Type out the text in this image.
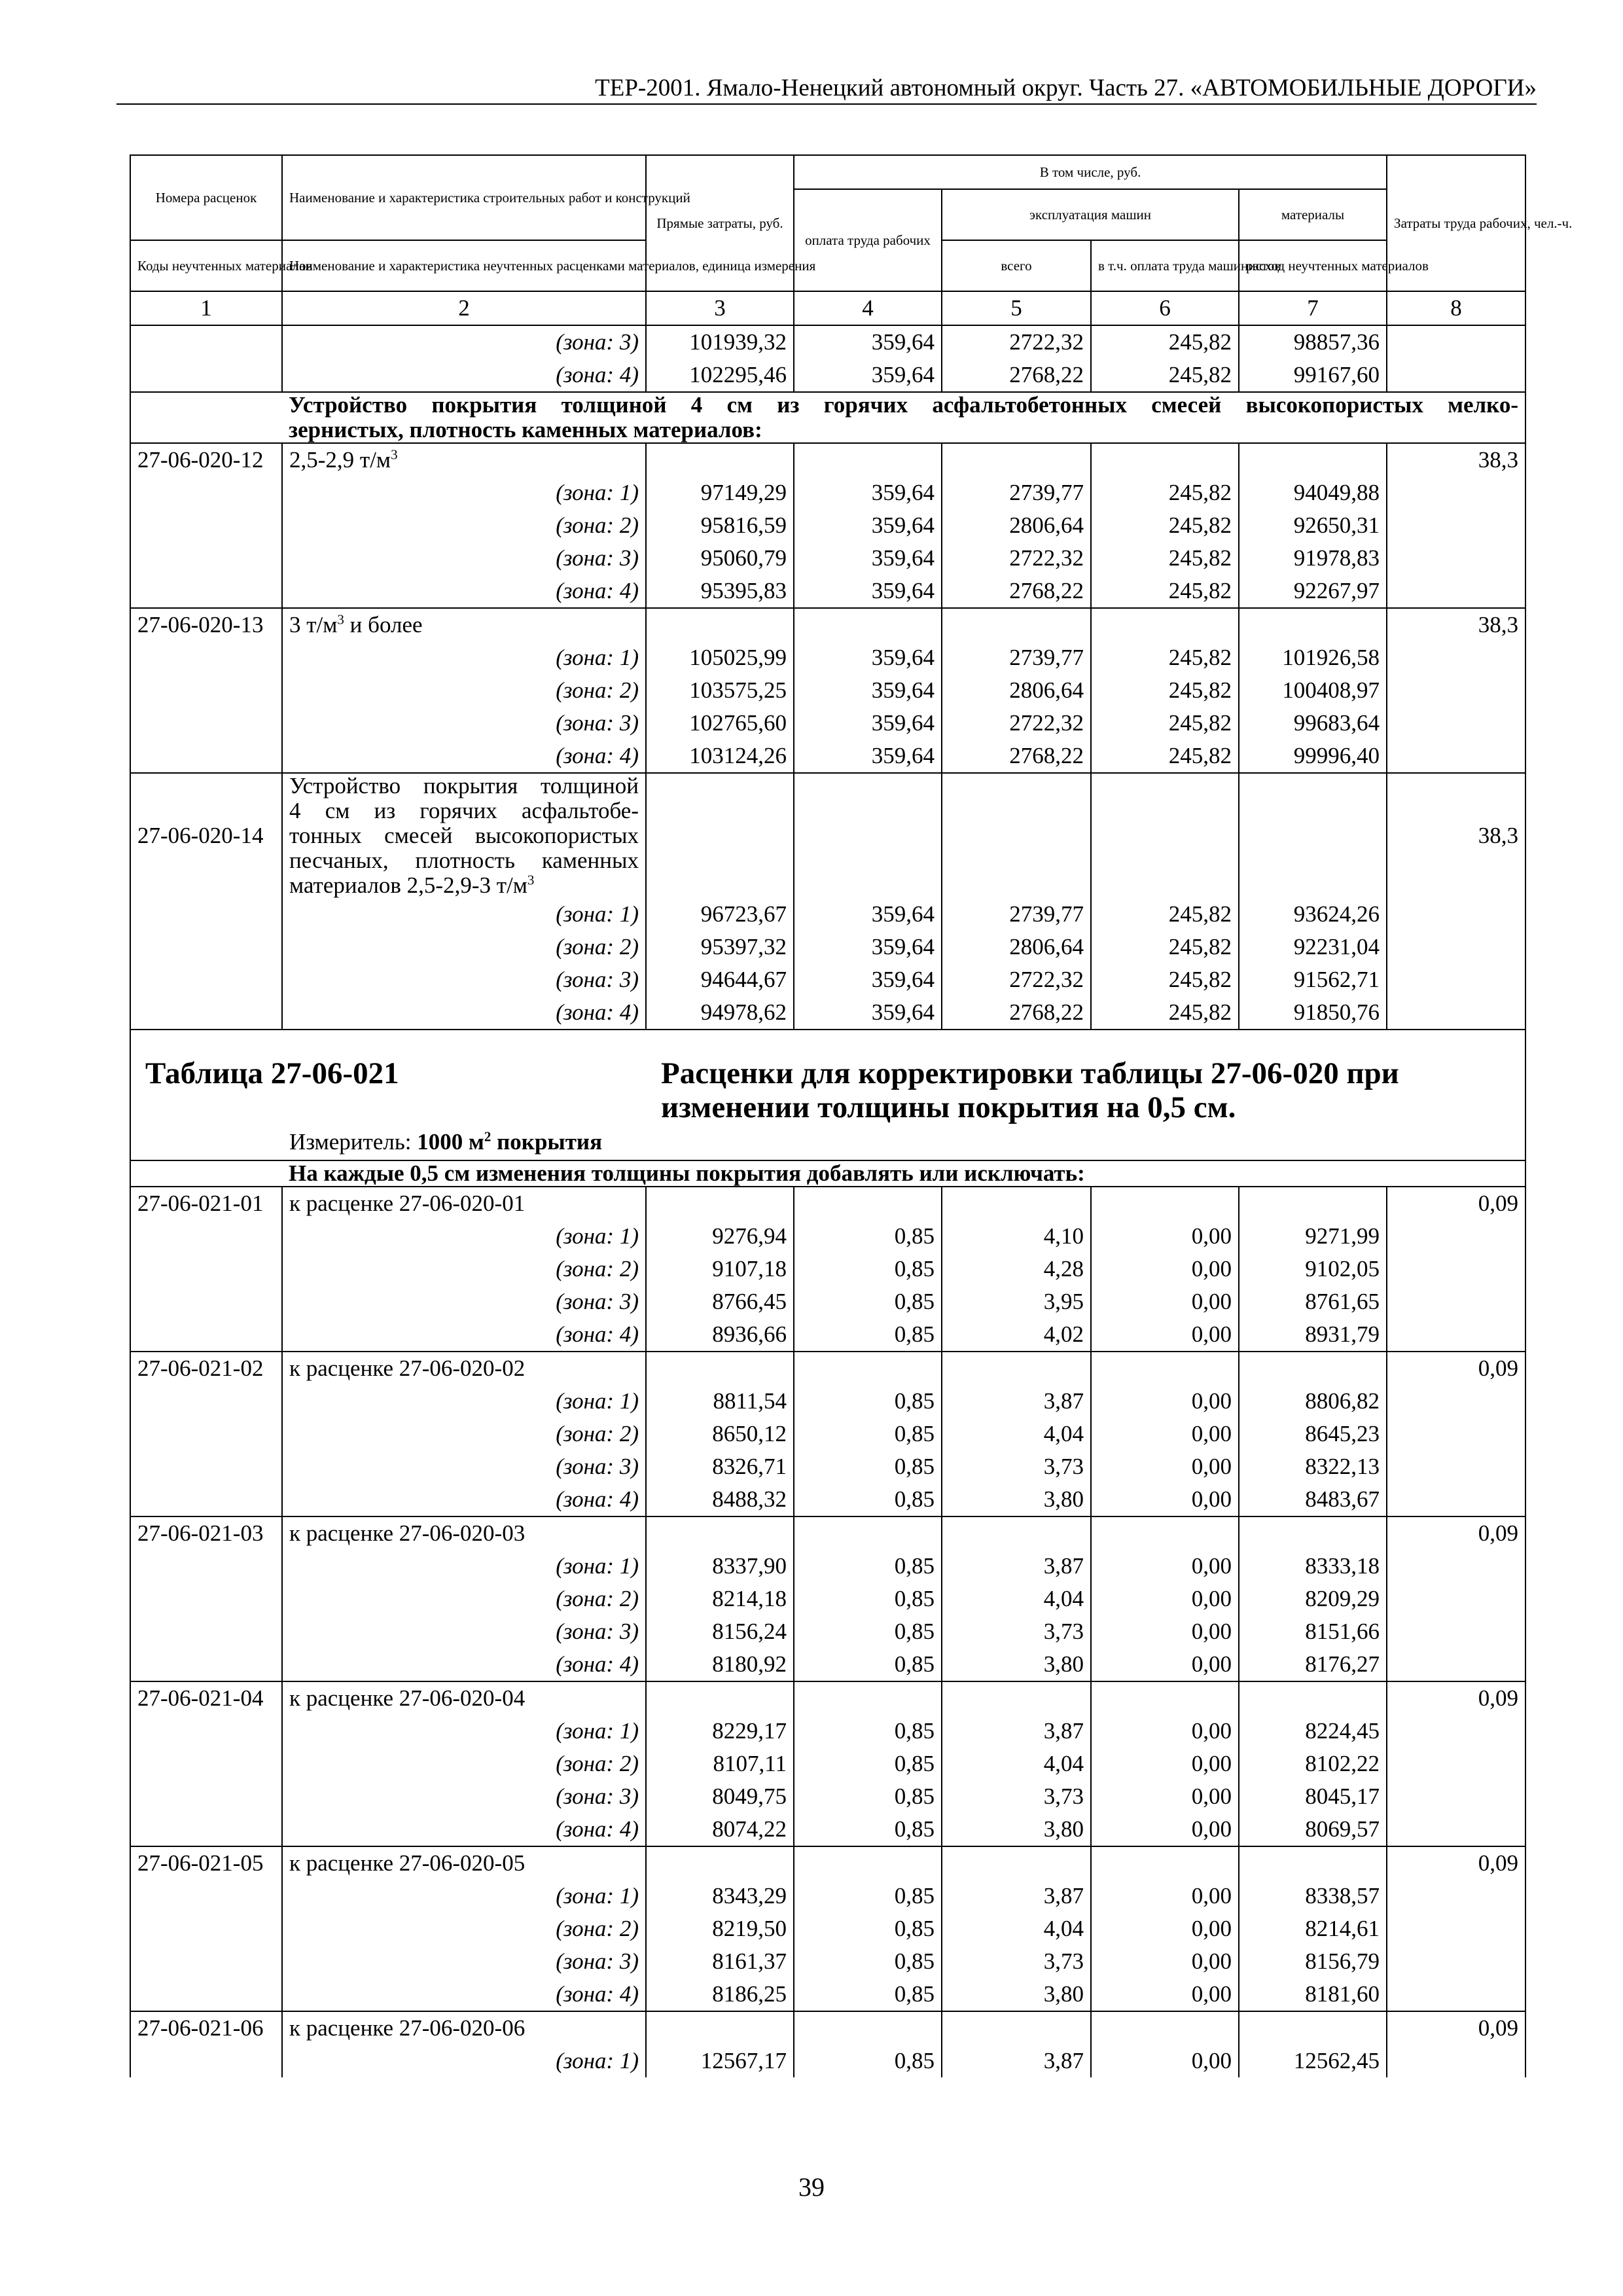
ТЕР-2001. Ямало-Ненецкий автономный округ. Часть 27. «АВТОМОБИЛЬНЫЕ ДОРОГИ»
Номера расценок	Наименование и характеристика строительных работ и конструкций	Прямые затраты, руб.	В том числе, руб.				Затраты труда рабочих, чел.-ч.
			оплата труда рабочих	эксплуатация машин		материалы	
Коды неучтенных материалов	Наименование и характеристика неучтенных расценками материалов, единица измерения			всего	в т.ч. оплата труда машинистов	расход неучтенных материалов	
1	2	3	4	5	6	7	8
	(зона: 3)	101939,32	359,64	2722,32	245,82	98857,36	
	(зона: 4)	102295,46	359,64	2768,22	245,82	99167,60	

	Устройство покрытия толщиной 4 см из горячих асфальтобетонных смесей высокопористых мелко-
зернистых, плотность каменных материалов:						

27-06-020-12	2,5-2,9 $т/м^3$						38,3
	(зона: 1)	97149,29	359,64	2739,77	245,82	94049,88	
	(зона: 2)	95816,59	359,64	2806,64	245,82	92650,31	
	(зона: 3)	95060,79	359,64	2722,32	245,82	91978,83	
	(зона: 4)	95395,83	359,64	2768,22	245,82	92267,97	
27-06-020-13	3 $т/м^3$ и более						38,3
	(зона: 1)	105025,99	359,64	2739,77	245,82	101926,58	
	(зона: 2)	103575,25	359,64	2806,64	245,82	100408,97	
	(зона: 3)	102765,60	359,64	2722,32	245,82	99683,64	
	(зона: 4)	103124,26	359,64	2768,22	245,82	99996,40	
27-06-020-14	Устройство покрытия толщиной
4 см из горячих асфальтобе-
тонных смесей высокопористых
песчаных, плотность каменных
материалов 2,5-2,9-3 $т/м^3$						38,3
	(зона: 1)	96723,67	359,64	2739,77	245,82	93624,26	
	(зона: 2)	95397,32	359,64	2806,64	245,82	92231,04	
	(зона: 3)	94644,67	359,64	2722,32	245,82	91562,71	
	(зона: 4)	94978,62	359,64	2768,22	245,82	91850,76	

Таблица 27-06-021 Расценки для корректировки таблицы 27-06-020 при
изменении толщины покрытия на 0,5 см.
Измеритель: 1000 $м^2$ покрытия							

	На каждые 0,5 см изменения толщины покрытия добавлять или исключать:						

27-06-021-01	к расценке 27-06-020-01						0,09
	(зона: 1)	9276,94	0,85	4,10	0,00	9271,99	
	(зона: 2)	9107,18	0,85	4,28	0,00	9102,05	
	(зона: 3)	8766,45	0,85	3,95	0,00	8761,65	
	(зона: 4)	8936,66	0,85	4,02	0,00	8931,79	
27-06-021-02	к расценке 27-06-020-02						0,09
	(зона: 1)	8811,54	0,85	3,87	0,00	8806,82	
	(зона: 2)	8650,12	0,85	4,04	0,00	8645,23	
	(зона: 3)	8326,71	0,85	3,73	0,00	8322,13	
	(зона: 4)	8488,32	0,85	3,80	0,00	8483,67	
27-06-021-03	к расценке 27-06-020-03						0,09
	(зона: 1)	8337,90	0,85	3,87	0,00	8333,18	
	(зона: 2)	8214,18	0,85	4,04	0,00	8209,29	
	(зона: 3)	8156,24	0,85	3,73	0,00	8151,66	
	(зона: 4)	8180,92	0,85	3,80	0,00	8176,27	
27-06-021-04	к расценке 27-06-020-04						0,09
	(зона: 1)	8229,17	0,85	3,87	0,00	8224,45	
	(зона: 2)	8107,11	0,85	4,04	0,00	8102,22	
	(зона: 3)	8049,75	0,85	3,73	0,00	8045,17	
	(зона: 4)	8074,22	0,85	3,80	0,00	8069,57	
27-06-021-05	к расценке 27-06-020-05						0,09
	(зона: 1)	8343,29	0,85	3,87	0,00	8338,57	
	(зона: 2)	8219,50	0,85	4,04	0,00	8214,61	
	(зона: 3)	8161,37	0,85	3,73	0,00	8156,79	
	(зона: 4)	8186,25	0,85	3,80	0,00	8181,60	
27-06-021-06	к расценке 27-06-020-06						0,09
	(зона: 1)	12567,17	0,85	3,87	0,00	12562,45	
39
